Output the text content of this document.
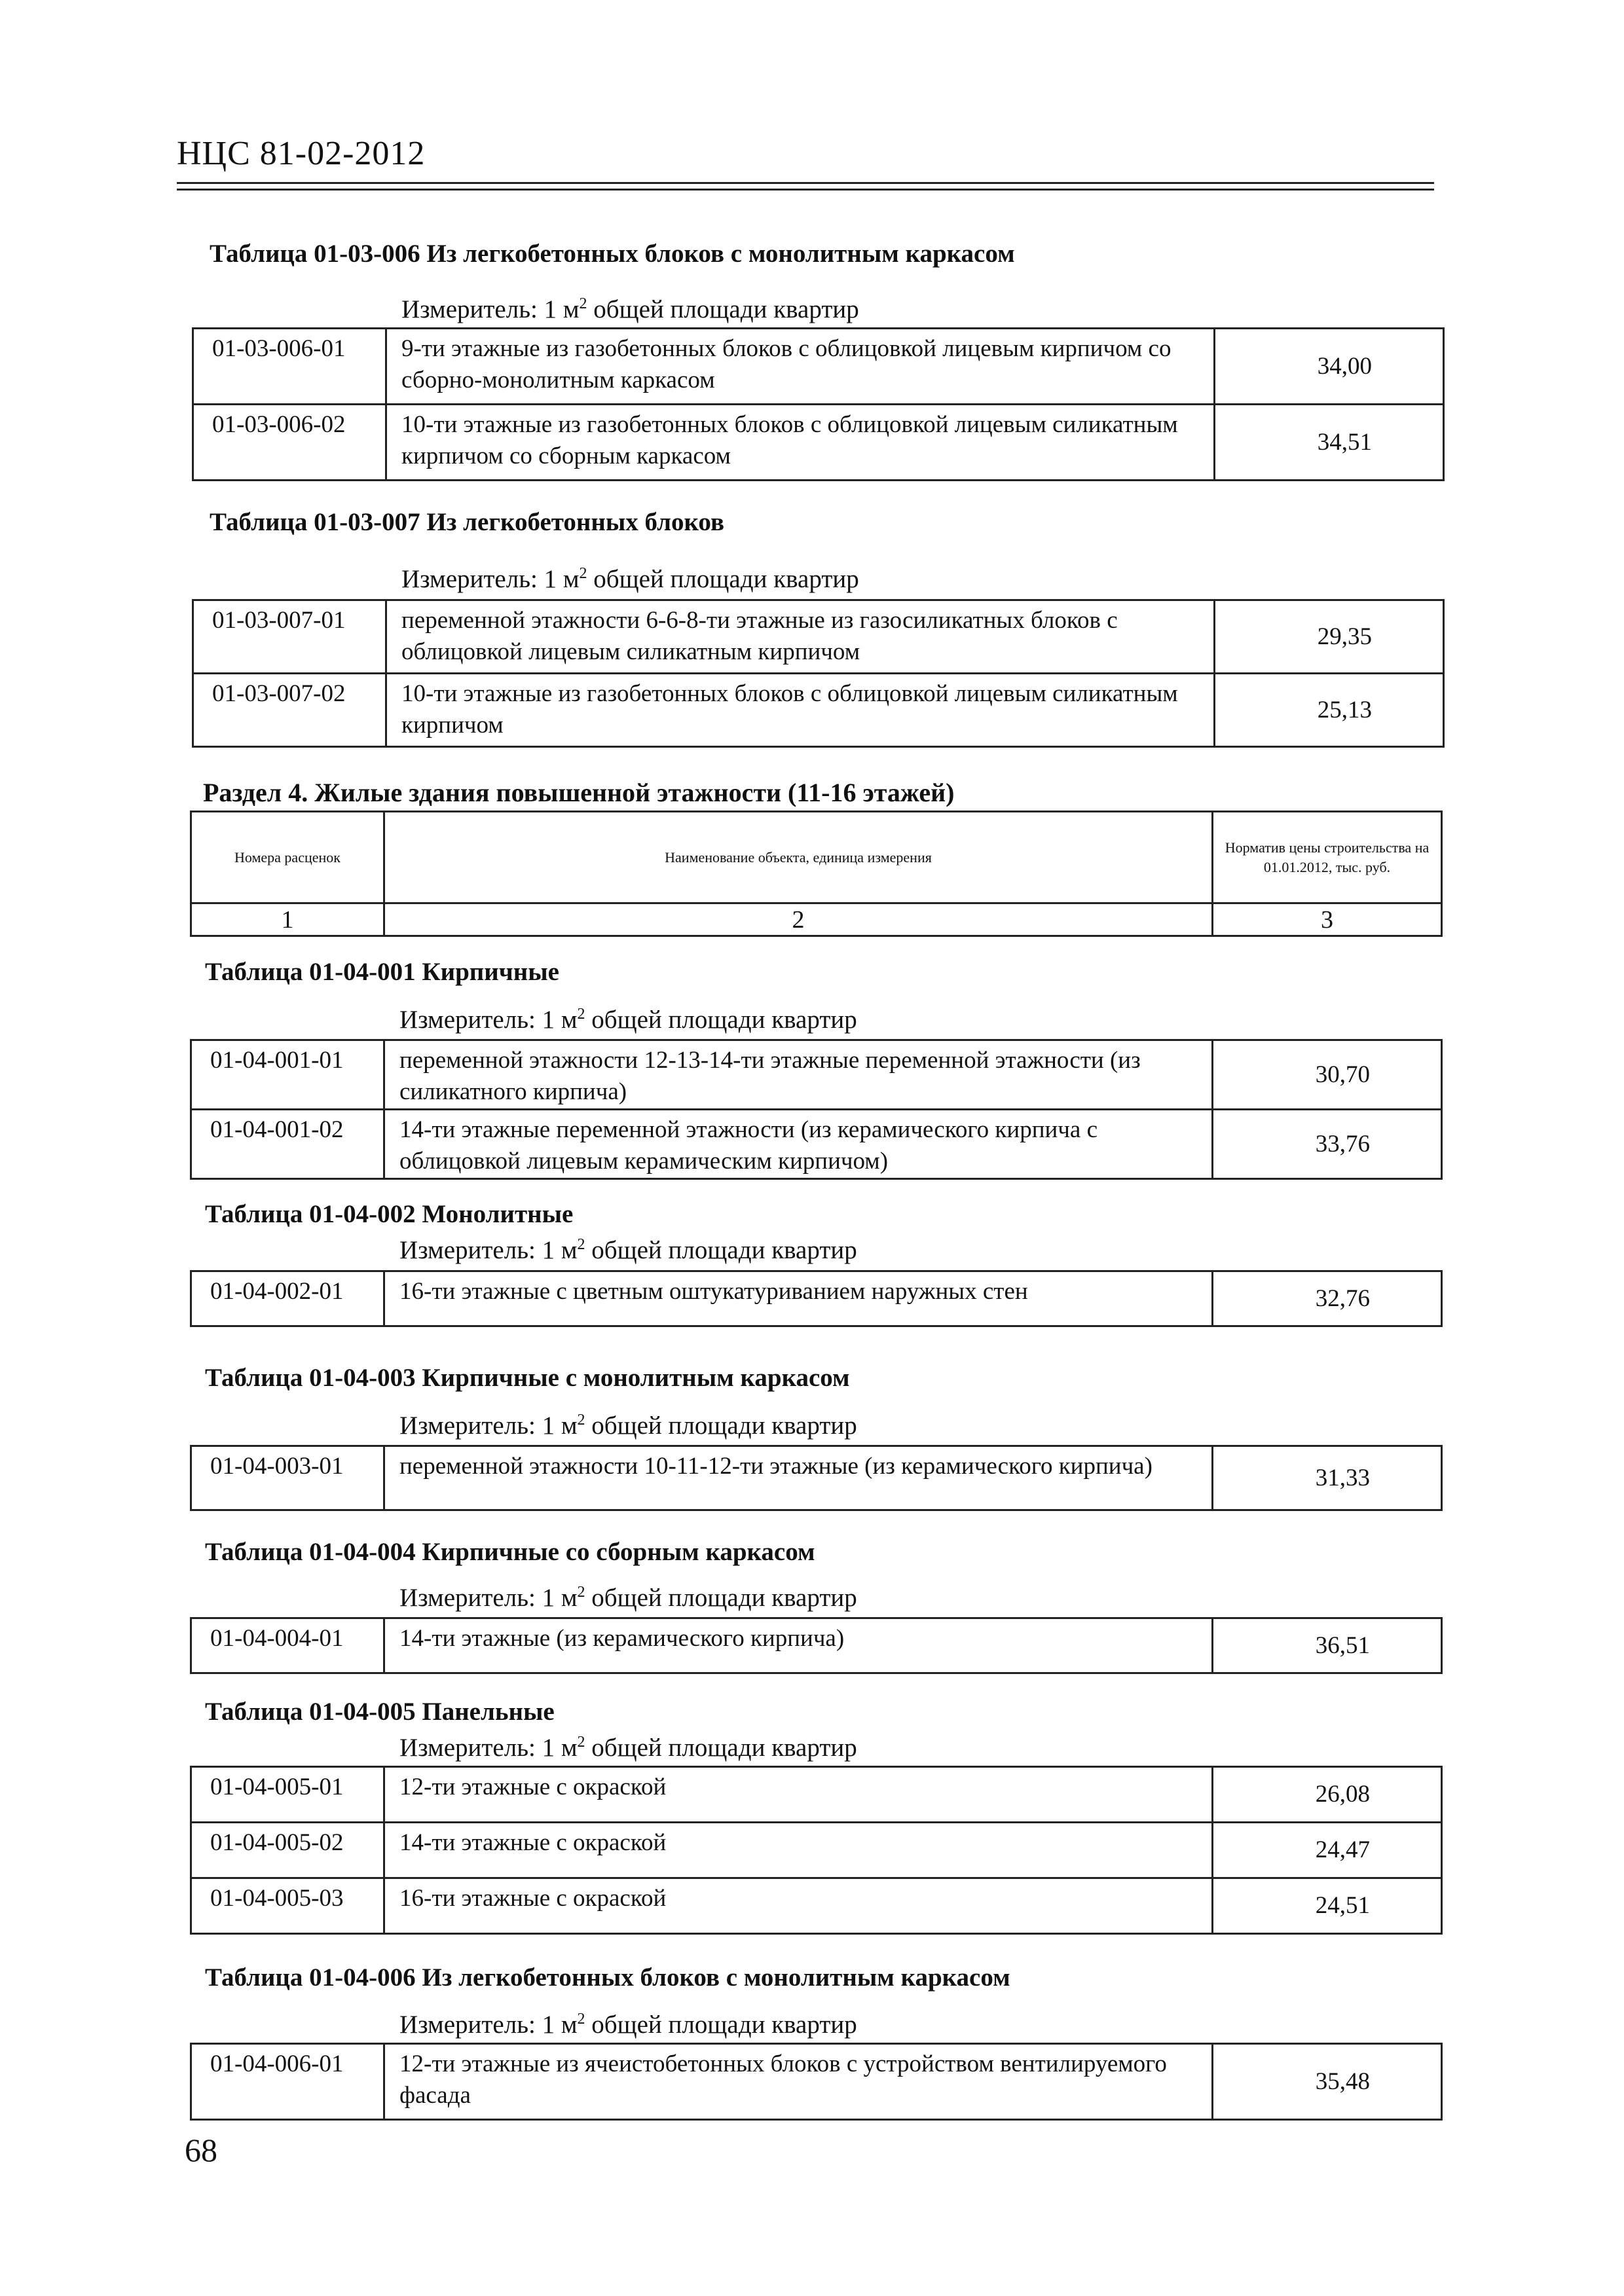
НЦС 81-02-2012
Таблица 01-03-006 Из легкобетонных блоков с монолитным каркасом
Измеритель: 1 $м^2$ общей площади квартир
01-03-006-01	9-ти этажные из газобетонных блоков с облицовкой лицевым кирпичом со сборно-монолитным каркасом	34,00
01-03-006-02	10-ти этажные из газобетонных блоков с облицовкой лицевым силикатным кирпичом со сборным каркасом	34,51
Таблица 01-03-007 Из легкобетонных блоков
Измеритель: 1 $м^2$ общей площади квартир
01-03-007-01	переменной этажности 6-6-8-ти этажные из газосиликатных блоков с облицовкой лицевым силикатным кирпичом	29,35
01-03-007-02	10-ти этажные из газобетонных блоков с облицовкой лицевым силикатным кирпичом	25,13
Таблица 01-04-001 Кирпичные
Измеритель: 1 $м^2$ общей площади квартир
01-04-001-01	переменной этажности 12-13-14-ти этажные переменной этажности (из силикатного кирпича)	30,70
01-04-001-02	14-ти этажные переменной этажности (из керамического кирпича с облицовкой лицевым керамическим кирпичом)	33,76
Таблица 01-04-002 Монолитные
Измеритель: 1 $м^2$ общей площади квартир
01-04-002-01	16-ти этажные с цветным оштукатуриванием наружных стен	32,76
Таблица 01-04-003 Кирпичные с монолитным каркасом
Измеритель: 1 $м^2$ общей площади квартир
01-04-003-01	переменной этажности 10-11-12-ти этажные (из керамического кирпича)	31,33
Таблица 01-04-004 Кирпичные со сборным каркасом
Измеритель: 1 $м^2$ общей площади квартир
01-04-004-01	14-ти этажные (из керамического кирпича)	36,51
Таблица 01-04-005 Панельные
Измеритель: 1 $м^2$ общей площади квартир
01-04-005-01	12-ти этажные с окраской	26,08
01-04-005-02	14-ти этажные с окраской	24,47
01-04-005-03	16-ти этажные с окраской	24,51
Таблица 01-04-006 Из легкобетонных блоков с монолитным каркасом
Измеритель: 1 $м^2$ общей площади квартир
01-04-006-01	12-ти этажные из ячеистобетонных блоков с устройством вентилируемого фасада	35,48
Раздел 4. Жилые здания повышенной этажности (11-16 этажей)
Номера расценок	Наименование объекта, единица измерения	Норматив цены строительства на 01.01.2012, тыс. руб.
1	2	3
68
